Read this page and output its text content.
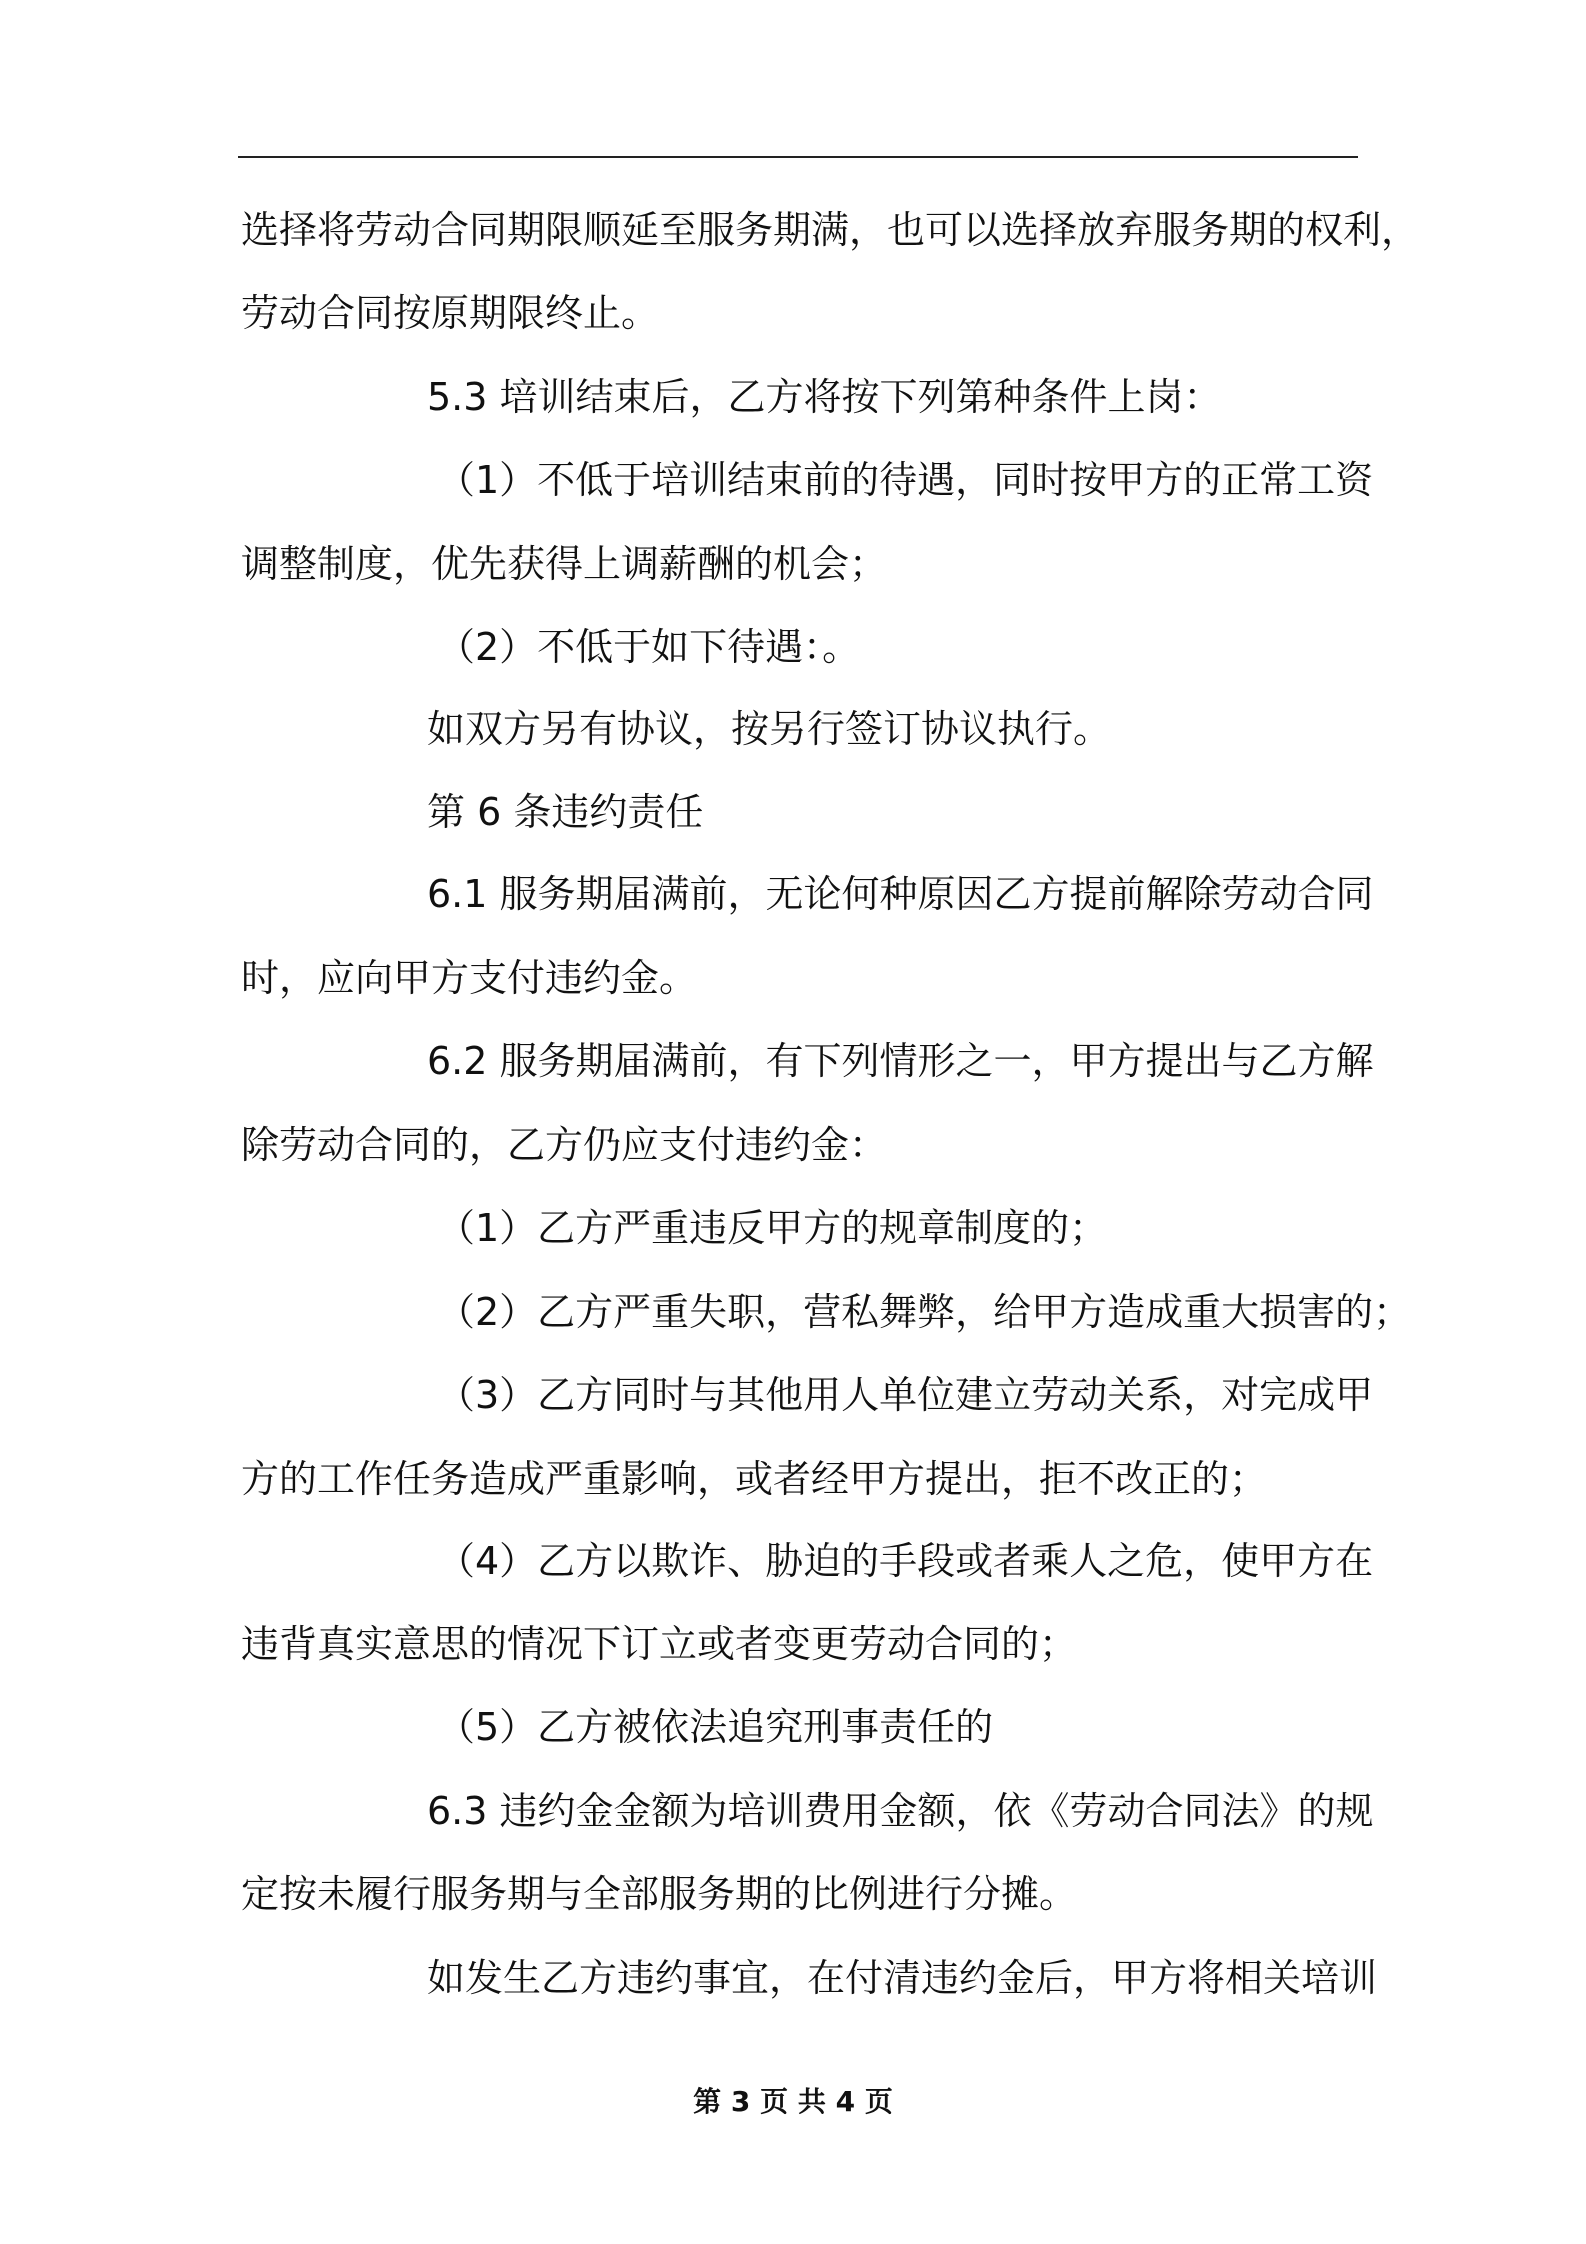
选择将劳动合同期限顺延至服务期满，也可以选择放弃服务期的权利，
劳动合同按原期限终止。
5.3 培训结束后，乙方将按下列第种条件上岗：
（1）不低于培训结束前的待遇，同时按甲方的正常工资
调整制度，优先获得上调薪酬的机会；
（2）不低于如下待遇：。
如双方另有协议，按另行签订协议执行。
第 6 条违约责任
6.1 服务期届满前，无论何种原因乙方提前解除劳动合同
时，应向甲方支付违约金。
6.2 服务期届满前，有下列情形之一，甲方提出与乙方解
除劳动合同的，乙方仍应支付违约金：
（1）乙方严重违反甲方的规章制度的；
（2）乙方严重失职，营私舞弊，给甲方造成重大损害的；
（3）乙方同时与其他用人单位建立劳动关系，对完成甲
方的工作任务造成严重影响，或者经甲方提出，拒不改正的；
（4）乙方以欺诈、胁迫的手段或者乘人之危，使甲方在
违背真实意思的情况下订立或者变更劳动合同的；
（5）乙方被依法追究刑事责任的
6.3 违约金金额为培训费用金额，依《劳动合同法》的规
定按未履行服务期与全部服务期的比例进行分摊。
如发生乙方违约事宜，在付清违约金后，甲方将相关培训
第 3 页 共 4 页
